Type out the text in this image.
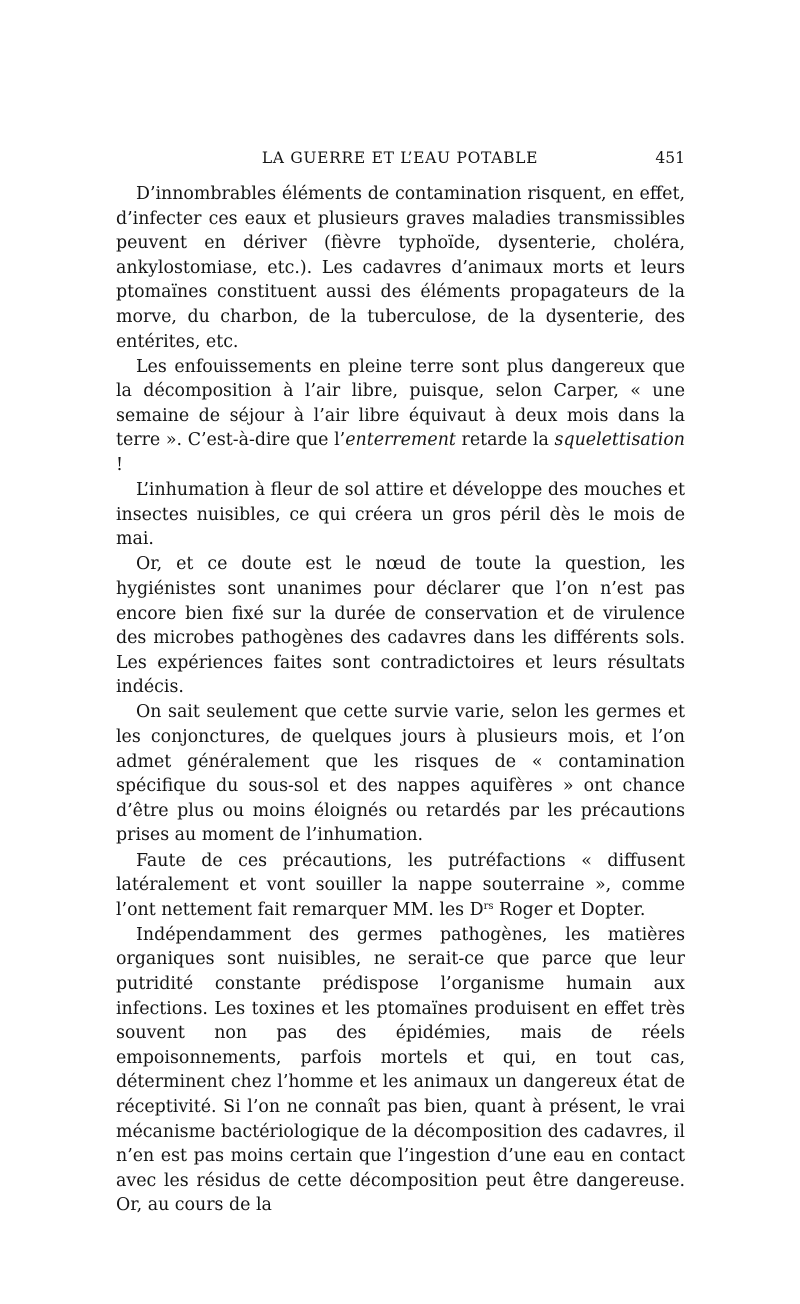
LA GUERRE ET L’EAU POTABLE	451

D’innombrables éléments de contamination risquent, en effet, d’infecter ces eaux et plusieurs graves maladies transmissibles peuvent en dériver (fièvre typhoïde, dysenterie, choléra, ankylostomiase, etc.). Les cadavres d’animaux morts et leurs ptomaïnes constituent aussi des éléments propagateurs de la morve, du charbon, de la tuberculose, de la dysenterie, des entérites, etc.

Les enfouissements en pleine terre sont plus dangereux que la décomposition à l’air libre, puisque, selon Carper, « une semaine de séjour à l’air libre équivaut à deux mois dans la terre ». C’est-à-dire que l’enterrement retarde la squelettisation !

L’inhumation à fleur de sol attire et développe des mouches et insectes nuisibles, ce qui créera un gros péril dès le mois de mai.

Or, et ce doute est le nœud de toute la question, les hygiénistes sont unanimes pour déclarer que l’on n’est pas encore bien fixé sur la durée de conservation et de virulence des microbes pathogènes des cadavres dans les différents sols. Les expériences faites sont contradictoires et leurs résultats indécis.

On sait seulement que cette survie varie, selon les germes et les conjonctures, de quelques jours à plusieurs mois, et l’on admet généralement que les risques de « contamination spécifique du sous-sol et des nappes aquifères » ont chance d’être plus ou moins éloignés ou retardés par les précautions prises au moment de l’inhumation.

Faute de ces précautions, les putréfactions « diffusent latéralement et vont souiller la nappe souterraine », comme l’ont nettement fait remarquer MM. les $D^{rs}$ Roger et Dopter.

Indépendamment des germes pathogènes, les matières organiques sont nuisibles, ne serait-ce que parce que leur putridité constante prédispose l’organisme humain aux infections. Les toxines et les ptomaïnes produisent en effet très souvent non pas des épidémies, mais de réels empoisonnements, parfois mortels et qui, en tout cas, déterminent chez l’homme et les animaux un dangereux état de réceptivité. Si l’on ne connaît pas bien, quant à présent, le vrai mécanisme bactériologique de la décomposition des cadavres, il n’en est pas moins certain que l’ingestion d’une eau en contact avec les résidus de cette décomposition peut être dangereuse. Or, au cours de la
